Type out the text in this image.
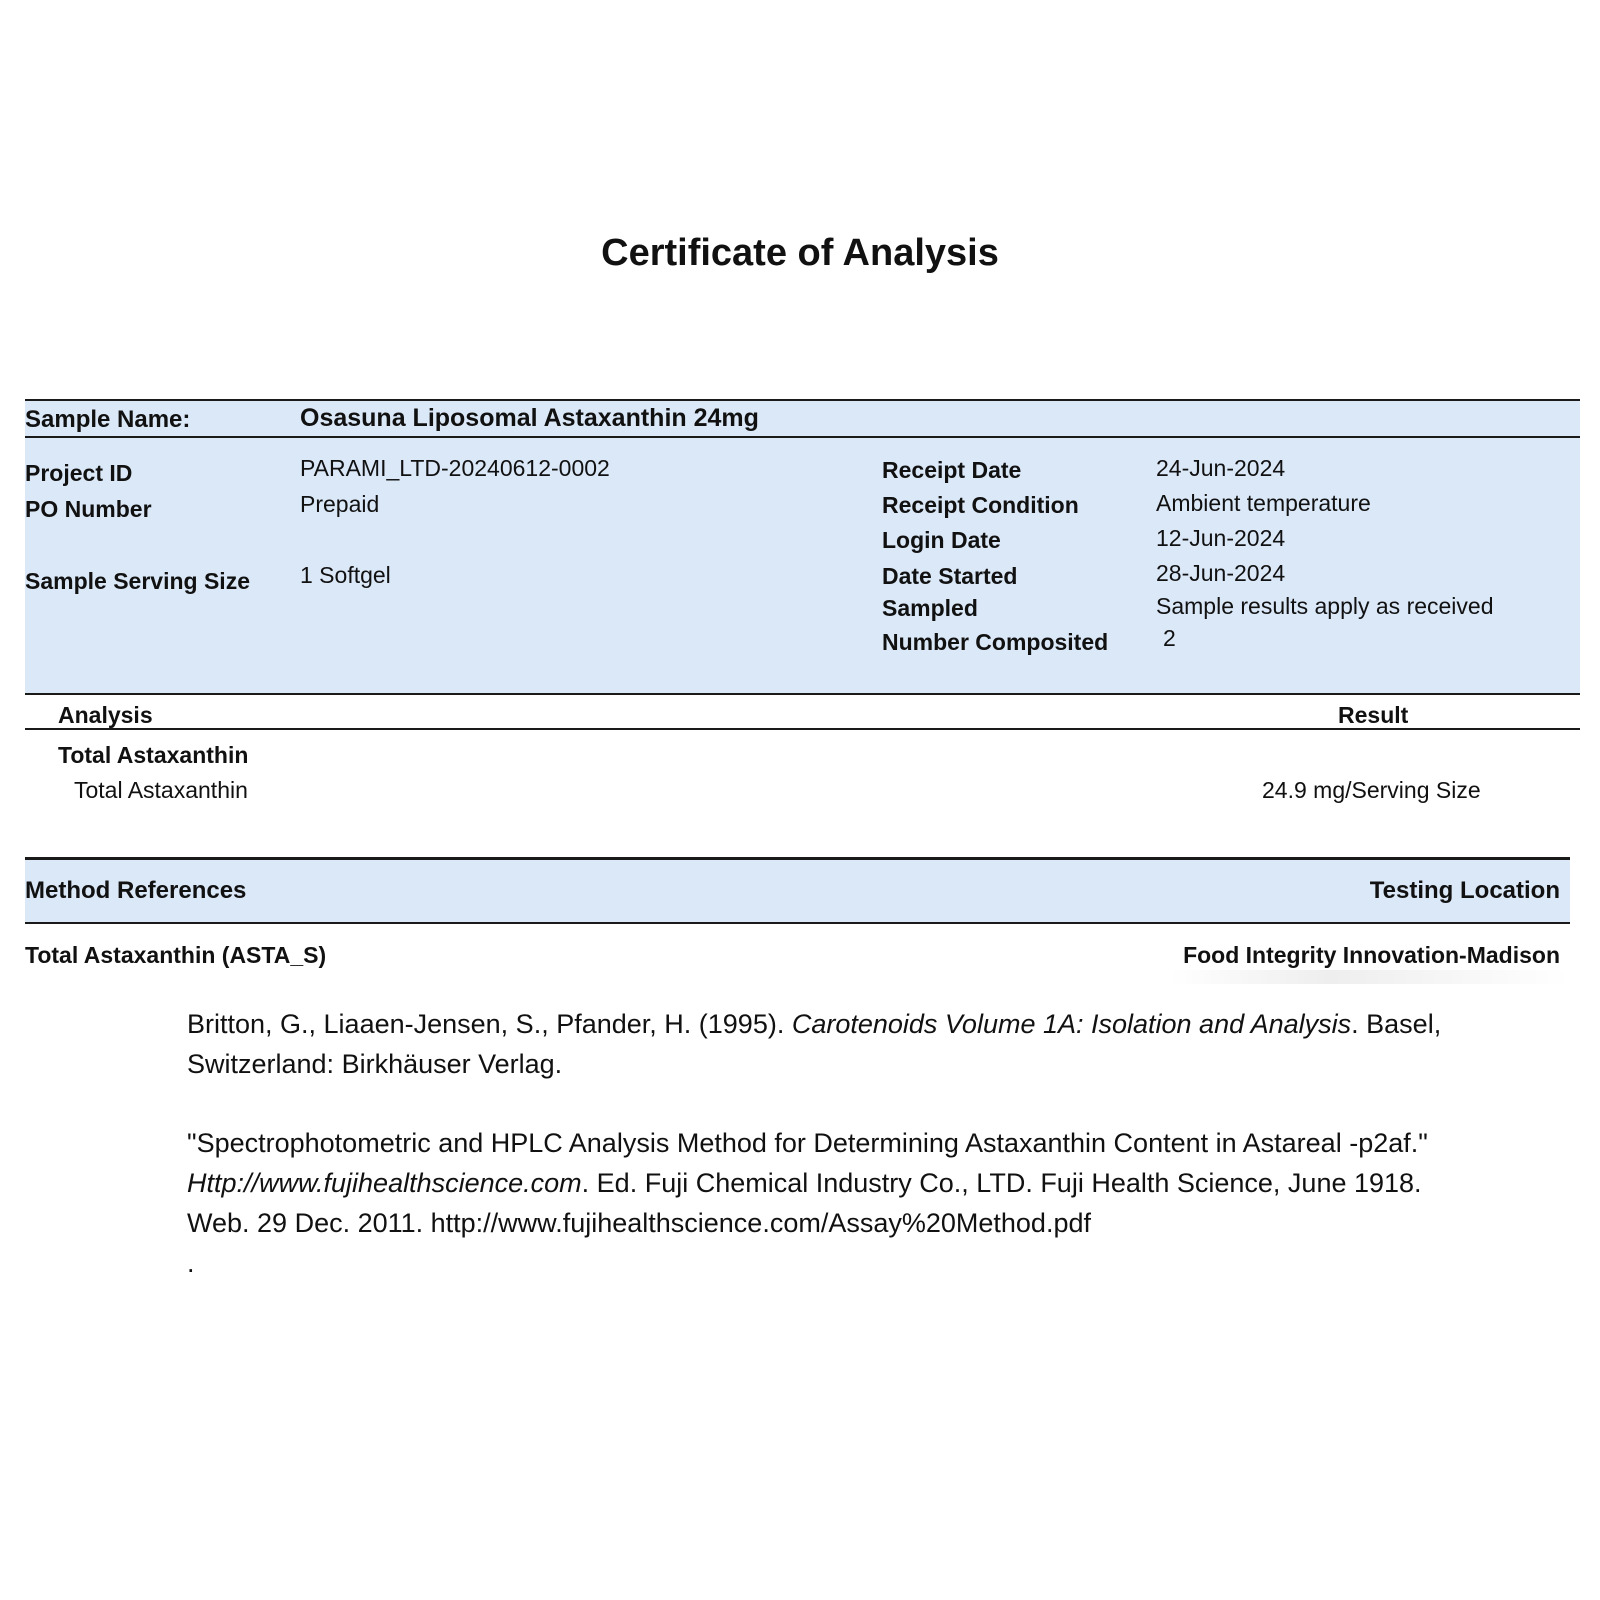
Certificate of Analysis
Sample Name:	Osasuna Liposomal Astaxanthin 24mg
Project ID	PARAMI_LTD-20240612-0002
PO Number	Prepaid
Sample Serving Size 1 Softgel
Receipt Date	24-Jun-2024
Receipt Condition	Ambient temperature
Login Date	12-Jun-2024
Date Started	28-Jun-2024
Sampled	Sample results apply as received
Number Composited 2
Analysis	Result
Total Astaxanthin
Total Astaxanthin	24.9 mg/Serving Size
Method References	Testing Location
Total Astaxanthin (ASTA_S)	Food Integrity Innovation-Madison
Britton, G., Liaaen-Jensen, S., Pfander, H. (1995). Carotenoids Volume 1A: Isolation and Analysis. Basel, Switzerland: Birkhäuser Verlag.
"Spectrophotometric and HPLC Analysis Method for Determining Astaxanthin Content in Astareal -p2af." Http://www.fujihealthscience.com. Ed. Fuji Chemical Industry Co., LTD. Fuji Health Science, June 1918. Web. 29 Dec. 2011. http://www.fujihealthscience.com/Assay%20Method.pdf
.
